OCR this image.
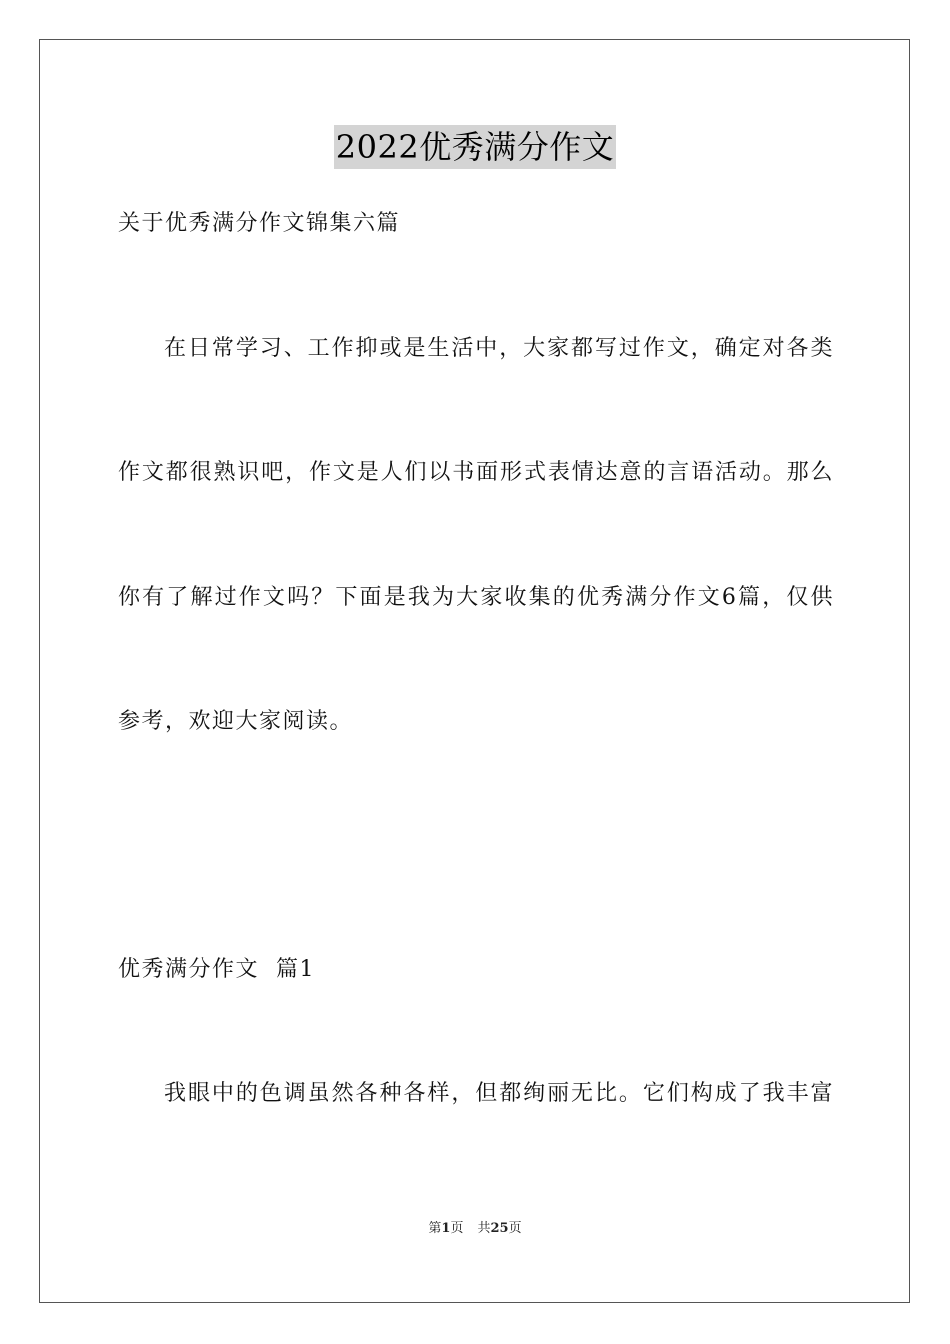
2022优秀满分作文
关于优秀满分作文锦集六篇
在日常学习、工作抑或是生活中，大家都写过作文，确定对各类
作文都很熟识吧，作文是人们以书面形式表情达意的言语活动。那么
你有了解过作文吗？下面是我为大家收集的优秀满分作文6篇，仅供
参考，欢迎大家阅读。
优秀满分作文  篇1
我眼中的色调虽然各种各样，但都绚丽无比。它们构成了我丰富
第1页 共25页
